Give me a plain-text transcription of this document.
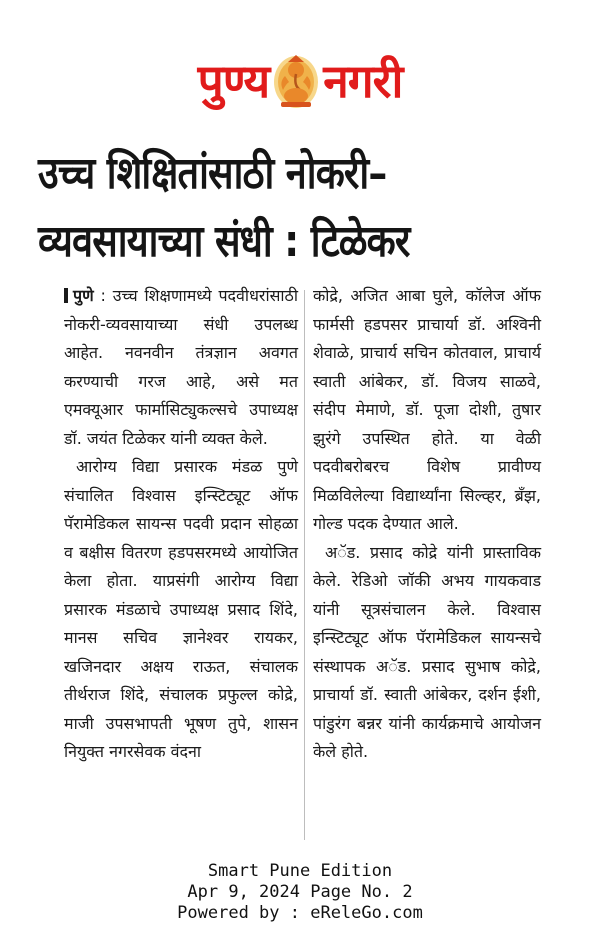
पुण्य नगरी
उच्च शिक्षितांसाठी नोकरी–
व्यवसायाच्या संधी : टिळेकर

पुणे : उच्च शिक्षणामध्ये पदवीधरांसाठी नोकरी-व्यवसायाच्या संधी उपलब्ध आहेत. नवनवीन तंत्रज्ञान अवगत करण्याची गरज आहे, असे मत एमक्यूआर फार्मासिट्युकल्सचे उपाध्यक्ष डॉ. जयंत टिळेकर यांनी व्यक्त केले.

आरोग्य विद्या प्रसारक मंडळ पुणे संचालित विश्वास इन्स्टिट्यूट ऑफ पॅरामेडिकल सायन्स पदवी प्रदान सोहळा व बक्षीस वितरण हडपसरमध्ये आयोजित केला होता. याप्रसंगी आरोग्य विद्या प्रसारक मंडळाचे उपाध्यक्ष प्रसाद शिंदे, मानस सचिव ज्ञानेश्वर रायकर, खजिनदार अक्षय राऊत, संचालक तीर्थराज शिंदे, संचालक प्रफुल्ल कोद्रे, माजी उपसभापती भूषण तुपे, शासन नियुक्त नगरसेवक वंदना

कोद्रे, अजित आबा घुले, कॉलेज ऑफ फार्मसी हडपसर प्राचार्या डॉ. अश्विनी शेवाळे, प्राचार्य सचिन कोतवाल, प्राचार्य स्वाती आंबेकर, डॉ. विजय साळवे, संदीप मेमाणे, डॉ. पूजा दोशी, तुषार झुरंगे उपस्थित होते. या वेळी पदवीबरोबरच विशेष प्रावीण्य मिळविलेल्या विद्यार्थ्यांना सिल्व्हर, ब्रँझ, गोल्ड पदक देण्यात आले.

अॅड. प्रसाद कोद्रे यांनी प्रास्ताविक केले. रेडिओ जॉकी अभय गायकवाड यांनी सूत्रसंचालन केले. विश्वास इन्स्टिट्यूट ऑफ पॅरामेडिकल सायन्सचे संस्थापक अॅड. प्रसाद सुभाष कोद्रे, प्राचार्या डॉ. स्वाती आंबेकर, दर्शन ईशी, पांडुरंग बन्नर यांनी कार्यक्रमाचे आयोजन केले होते.

Smart Pune Edition
Apr 9, 2024 Page No. 2
Powered by : eReleGo.com
